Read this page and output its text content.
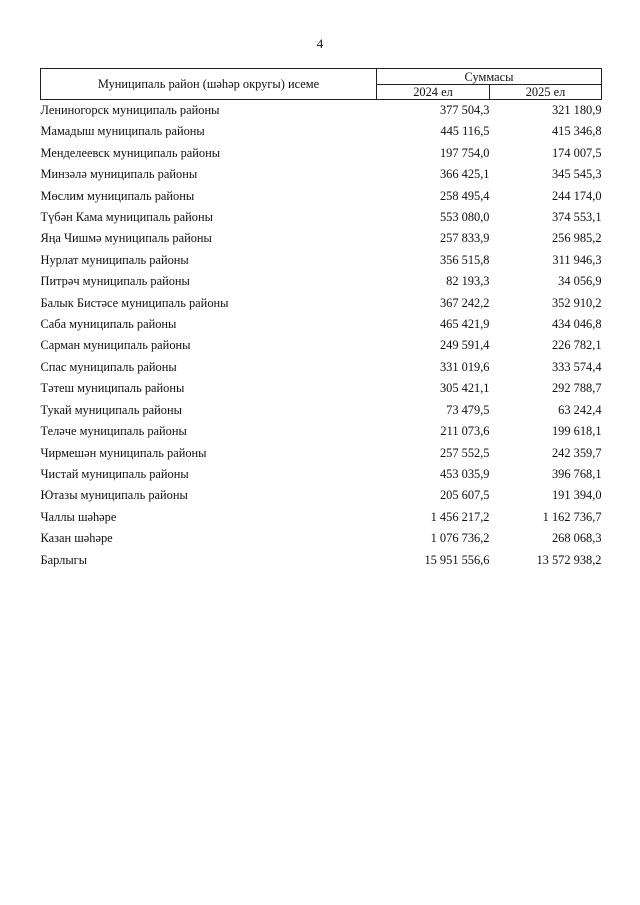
4
Муниципаль район (шәһәр округы) исеме	Суммасы	
	2024 ел	2025 ел
Лениногорск муниципаль районы	377 504,3	321 180,9
Мамадыш муниципаль районы	445 116,5	415 346,8
Менделеевск муниципаль районы	197 754,0	174 007,5
Минзәлә муниципаль районы	366 425,1	345 545,3
Мөслим муниципаль районы	258 495,4	244 174,0
Түбән Кама муниципаль районы	553 080,0	374 553,1
Яңа Чишмә муниципаль районы	257 833,9	256 985,2
Нурлат муниципаль районы	356 515,8	311 946,3
Питрәч муниципаль районы	82 193,3	34 056,9
Балык Бистәсе муниципаль районы	367 242,2	352 910,2
Саба муниципаль районы	465 421,9	434 046,8
Сарман муниципаль районы	249 591,4	226 782,1
Спас муниципаль районы	331 019,6	333 574,4
Тәтеш муниципаль районы	305 421,1	292 788,7
Тукай муниципаль районы	73 479,5	63 242,4
Теләче муниципаль районы	211 073,6	199 618,1
Чирмешән муниципаль районы	257 552,5	242 359,7
Чистай муниципаль районы	453 035,9	396 768,1
Ютазы муниципаль районы	205 607,5	191 394,0
Чаллы шәһәре	1 456 217,2	1 162 736,7
Казан шәһәре	1 076 736,2	268 068,3
Барлыгы	15 951 556,6	13 572 938,2
